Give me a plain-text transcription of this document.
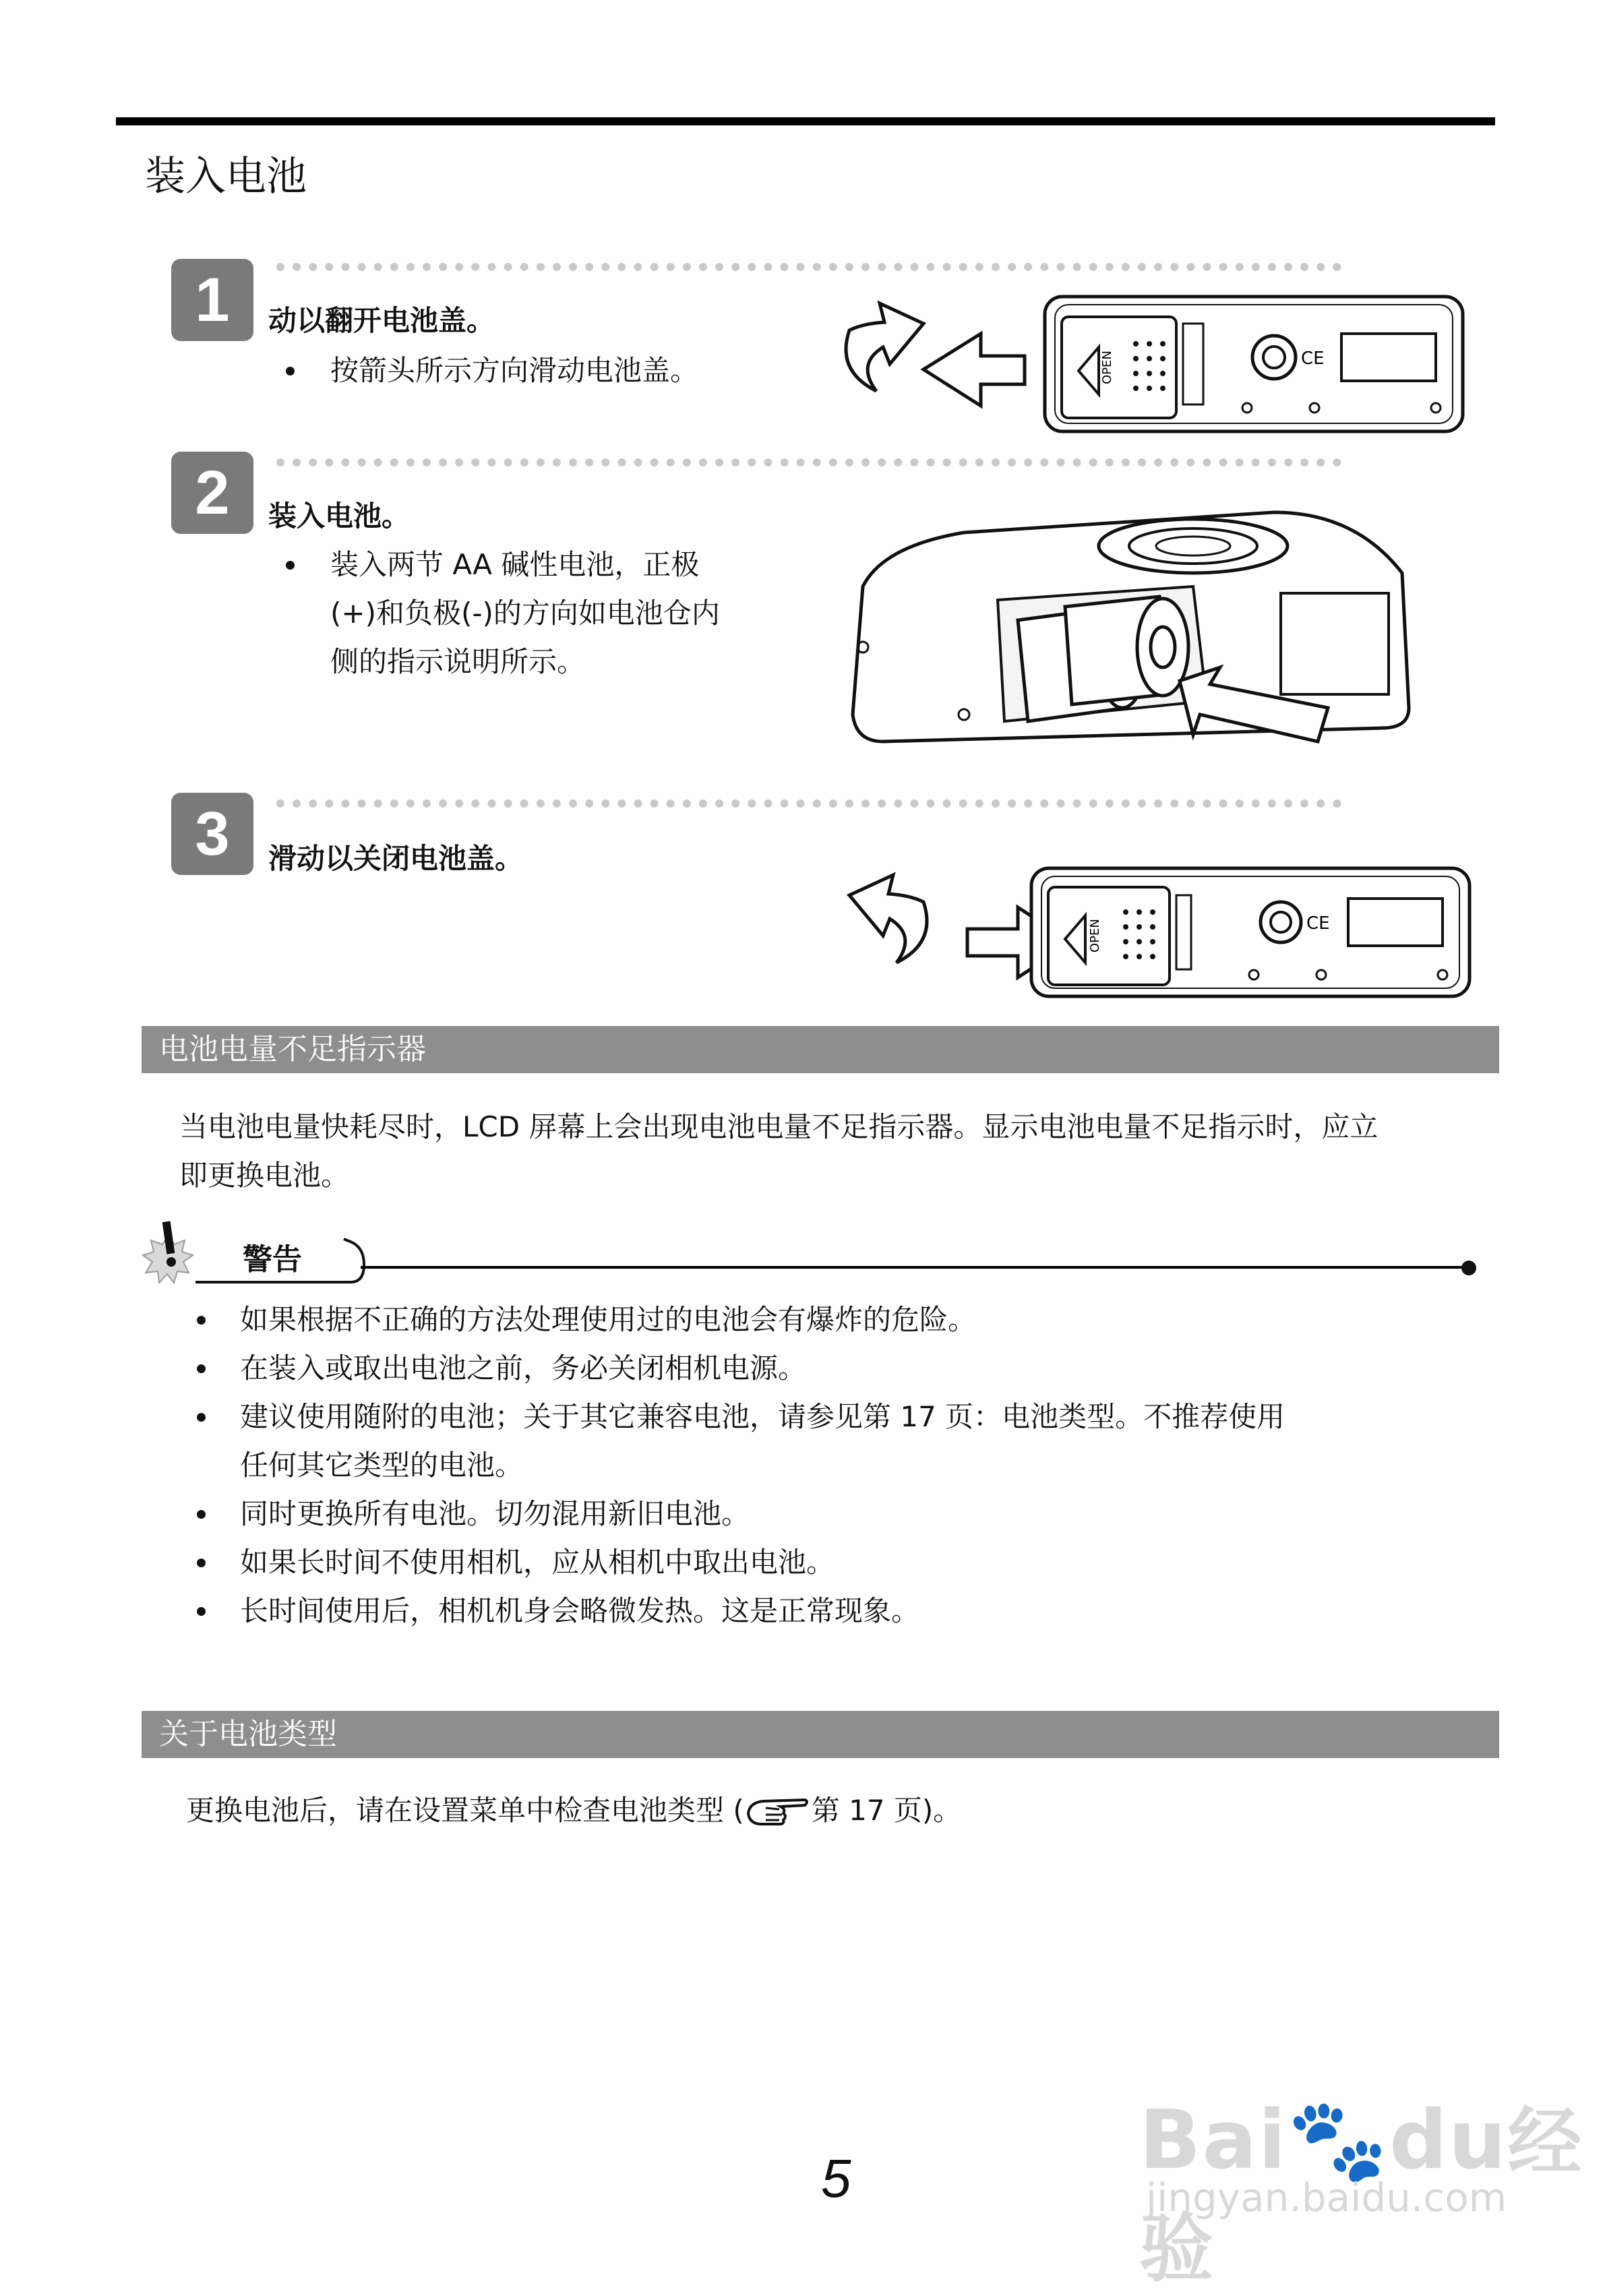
装入电池
1	动以翻开电池盖。
按箭头所示方向滑动电池盖。	OPEN	CE
2	装入电池。
装入两节 AA 碱性电池，正极
(+)和负极(-)的方向如电池仓内
侧的指示说明所示。
3	滑动以关闭电池盖。
OPEN	CE
电池电量不足指示器
当电池电量快耗尽时，LCD 屏幕上会出现电池电量不足指示器。显示电池电量不足指示时，应立
即更换电池。
警告
如果根据不正确的方法处理使用过的电池会有爆炸的危险。
在装入或取出电池之前，务必关闭相机电源。
建议使用随附的电池；关于其它兼容电池，请参见第 17 页：电池类型。不推荐使用
任何其它类型的电池。
同时更换所有电池。切勿混用新旧电池。
如果长时间不使用相机，应从相机中取出电池。
长时间使用后，相机机身会略微发热。这是正常现象。
关于电池类型
更换电池后，请在设置菜单中检查电池类型 ( 第 17 页)。
Bai🐾du经验
jingyan.baidu.com
5
